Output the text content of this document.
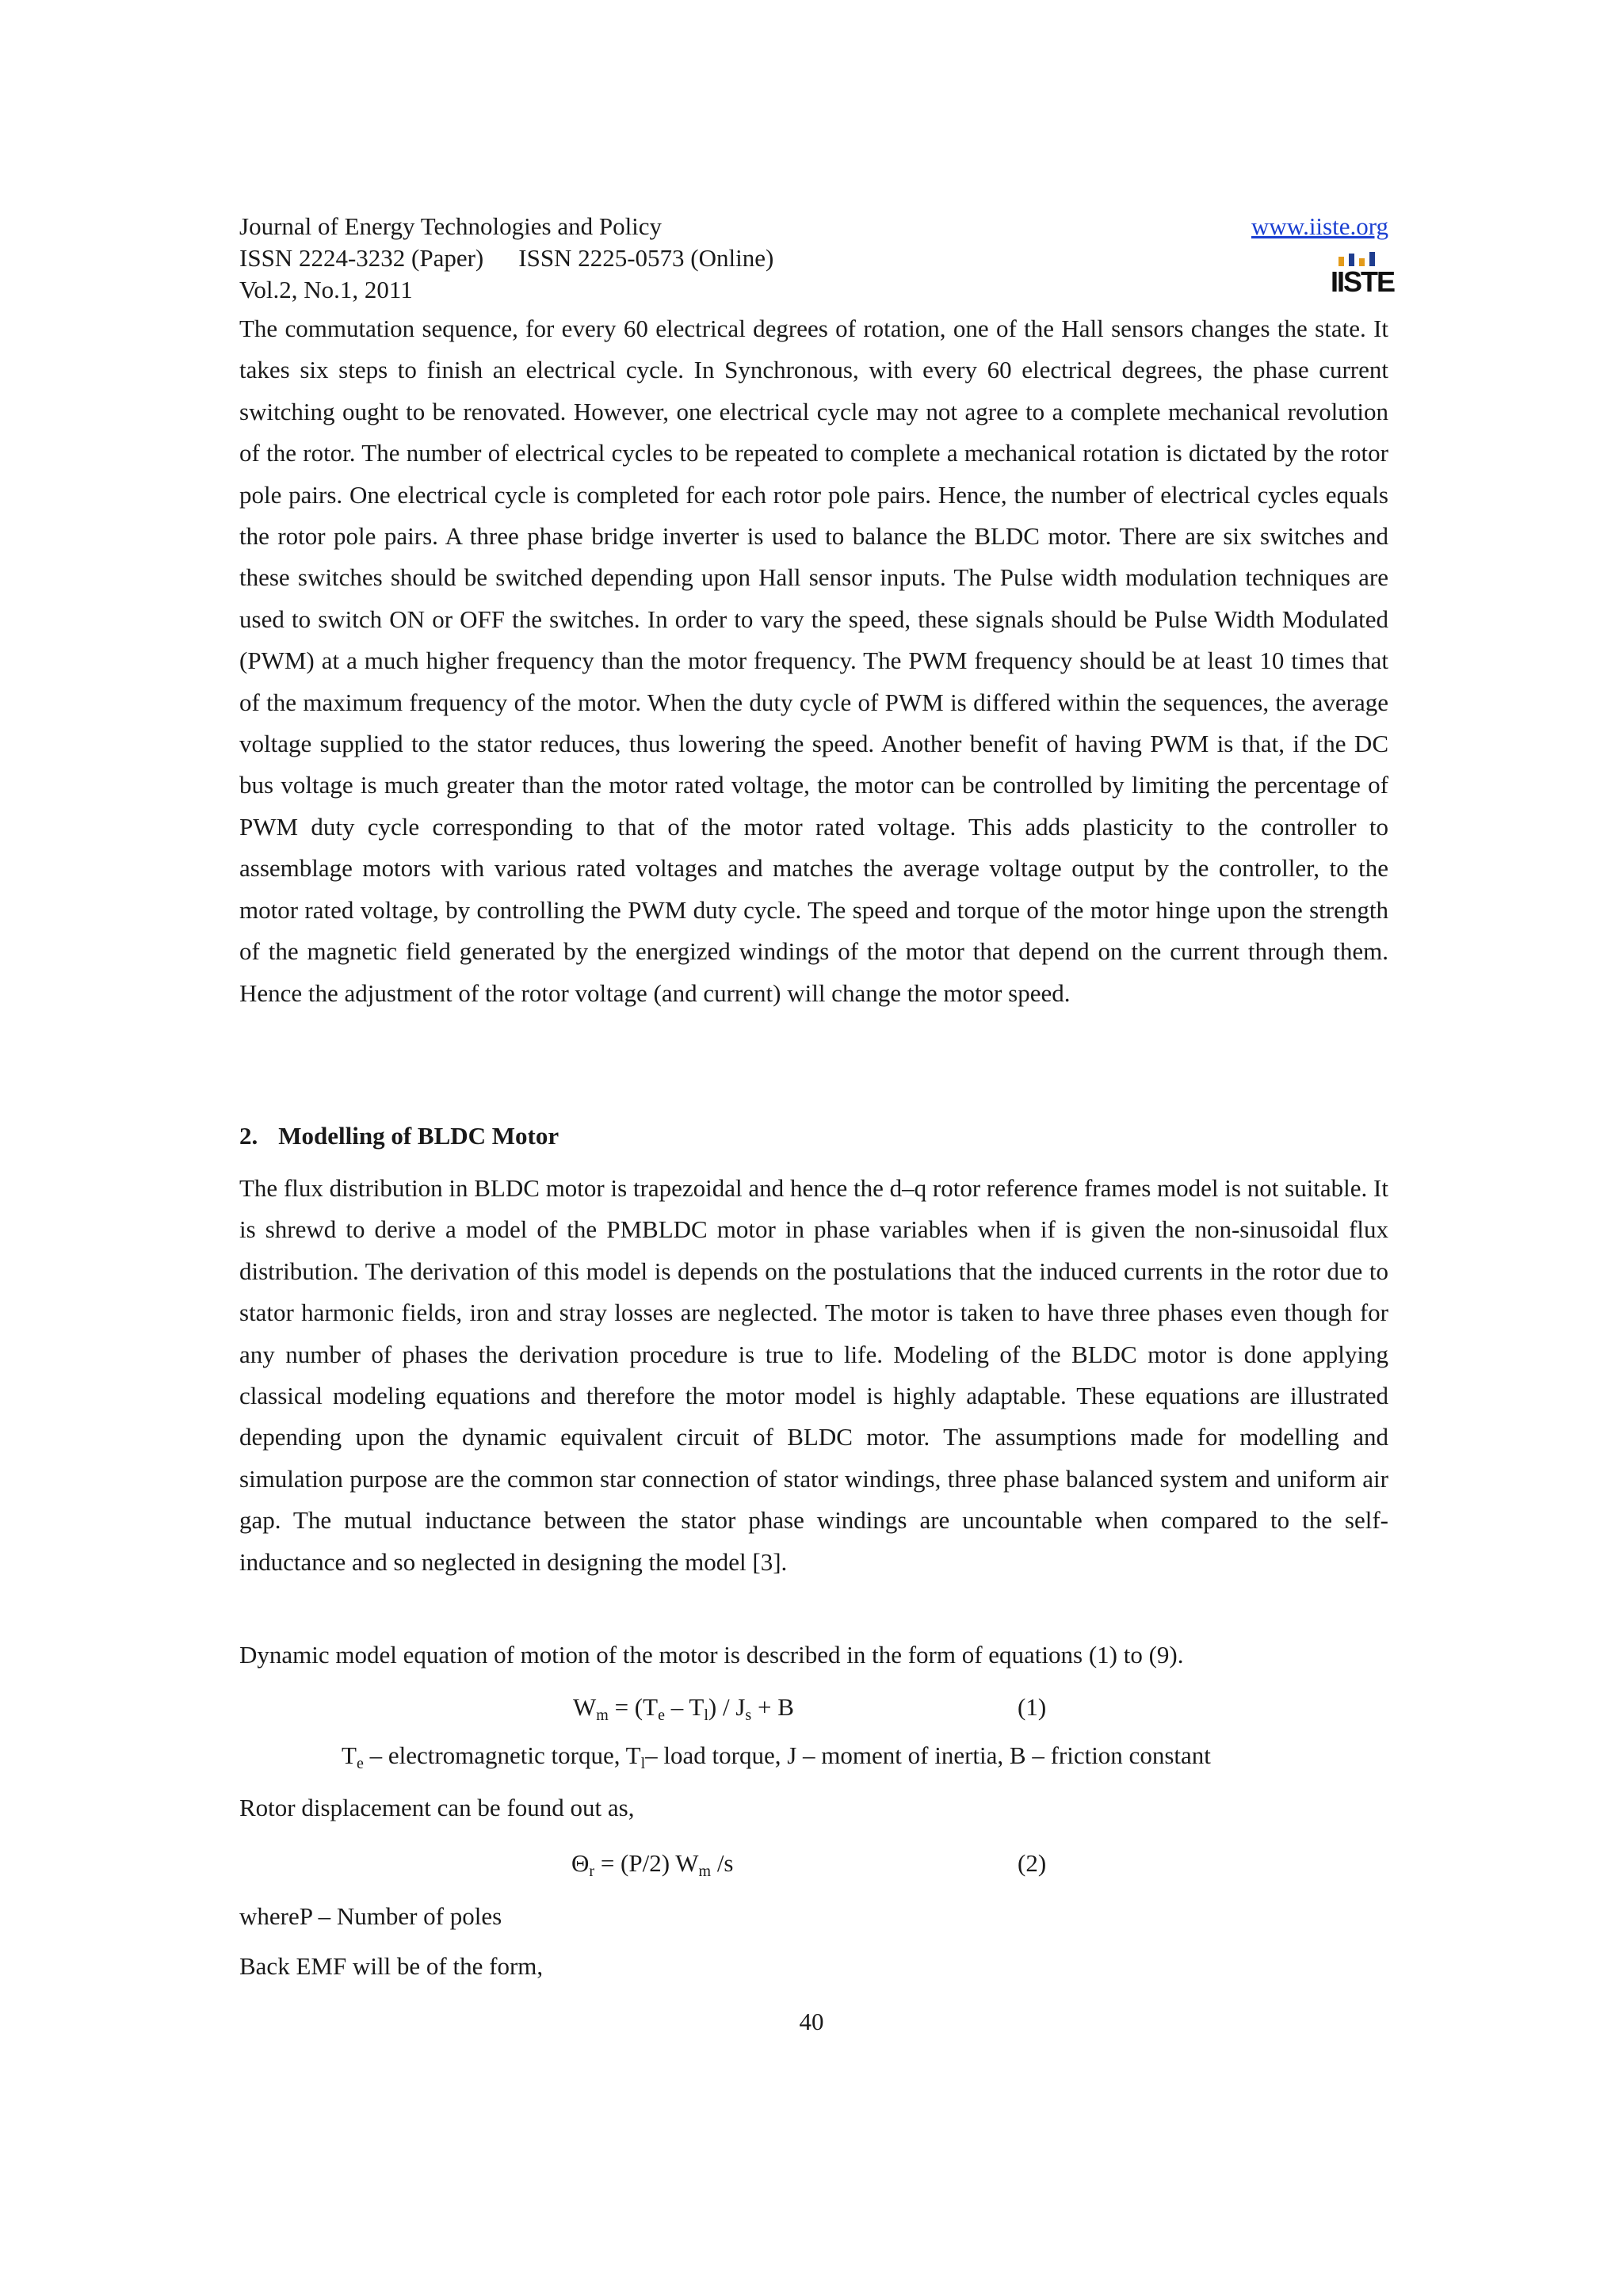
Journal of Energy Technologies and Policy	www.iiste.org
ISSN 2224-3232 (Paper) ISSN 2225-0573 (Online)
Vol.2, No.1, 2011	IISTE

The commutation sequence, for every 60 electrical degrees of rotation, one of the Hall sensors changes the state. It takes six steps to finish an electrical cycle. In Synchronous, with every 60 electrical degrees, the phase current switching ought to be renovated. However, one electrical cycle may not agree to a complete mechanical revolution of the rotor. The number of electrical cycles to be repeated to complete a mechanical rotation is dictated by the rotor pole pairs. One electrical cycle is completed for each rotor pole pairs. Hence, the number of electrical cycles equals the rotor pole pairs. A three phase bridge inverter is used to balance the BLDC motor. There are six switches and these switches should be switched depending upon Hall sensor inputs. The Pulse width modulation techniques are used to switch ON or OFF the switches. In order to vary the speed, these signals should be Pulse Width Modulated (PWM) at a much higher frequency than the motor frequency. The PWM frequency should be at least 10 times that of the maximum frequency of the motor. When the duty cycle of PWM is differed within the sequences, the average voltage supplied to the stator reduces, thus lowering the speed. Another benefit of having PWM is that, if the DC bus voltage is much greater than the motor rated voltage, the motor can be controlled by limiting the percentage of PWM duty cycle corresponding to that of the motor rated voltage. This adds plasticity to the controller to assemblage motors with various rated voltages and matches the average voltage output by the controller, to the motor rated voltage, by controlling the PWM duty cycle. The speed and torque of the motor hinge upon the strength of the magnetic field generated by the energized windings of the motor that depend on the current through them. Hence the adjustment of the rotor voltage (and current) will change the motor speed.

2. Modelling of BLDC Motor

The flux distribution in BLDC motor is trapezoidal and hence the d–q rotor reference frames model is not suitable. It is shrewd to derive a model of the PMBLDC motor in phase variables when if is given the non-sinusoidal flux distribution. The derivation of this model is depends on the postulations that the induced currents in the rotor due to stator harmonic fields, iron and stray losses are neglected. The motor is taken to have three phases even though for any number of phases the derivation procedure is true to life. Modeling of the BLDC motor is done applying classical modeling equations and therefore the motor model is highly adaptable. These equations are illustrated depending upon the dynamic equivalent circuit of BLDC motor. The assumptions made for modelling and simulation purpose are the common star connection of stator windings, three phase balanced system and uniform air gap. The mutual inductance between the stator phase windings are uncountable when compared to the self-inductance and so neglected in designing the model [3].

Dynamic model equation of motion of the motor is described in the form of equations (1) to (9).
$W_m = (T_e - T_l) / J_s + B$	(1)
$T_e$ – electromagnetic torque, $T_l-$ load torque, J – moment of inertia, B – friction constant
Rotor displacement can be found out as,
$\Theta_r = (P/2)$ $W_m$ /s	(2)
whereP – Number of poles
Back EMF will be of the form,
40
